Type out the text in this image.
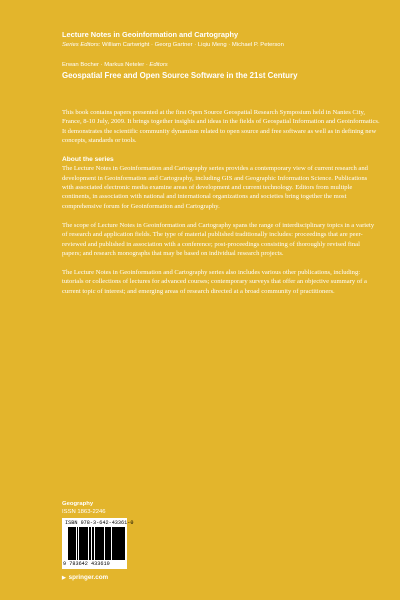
Lecture Notes in Geoinformation and Cartography
Series Editors: William Cartwright · Georg Gartner · Liqiu Meng · Michael P. Peterson
Erwan Bocher · Markus Neteler · Editors
Geospatial Free and Open Source Software in the 21st Century

This book contains papers presented at the first Open Source Geospatial Research Symposium held in Nantes City, France, 8-10 July, 2009. It brings together insights and ideas in the fields of Geospatial Information and Geoinformatics. It demonstrates the scientific community dynamism related to open source and free software as well as in defining new concepts, standards or tools.

About the series

The Lecture Notes in Geoinformation and Cartography series provides a contemporary view of current research and development in Geoinformation and Cartography, including GIS and Geographic Information Science. Publications with associated electronic media examine areas of development and current technology. Editors from multiple continents, in association with national and international organizations and societies bring together the most comprehensive forum for Geoinformation and Cartography.

The scope of Lecture Notes in Geoinformation and Cartography spans the range of interdisciplinary topics in a variety of research and application fields. The type of material published traditionally includes: proceedings that are peer-reviewed and published in association with a conference; post-proceedings consisting of thoroughly revised final papers; and research monographs that may be based on individual research projects.

The Lecture Notes in Geoinformation and Cartography series also includes various other publications, including: tutorials or collections of lectures for advanced courses; contemporary surveys that offer an objective summary of a current topic of interest; and emerging areas of research directed at a broad community of practitioners.

Geography
ISSN 1863-2246
ISBN 978-3-642-43361-0
9 783642 433610
▶ springer.com
